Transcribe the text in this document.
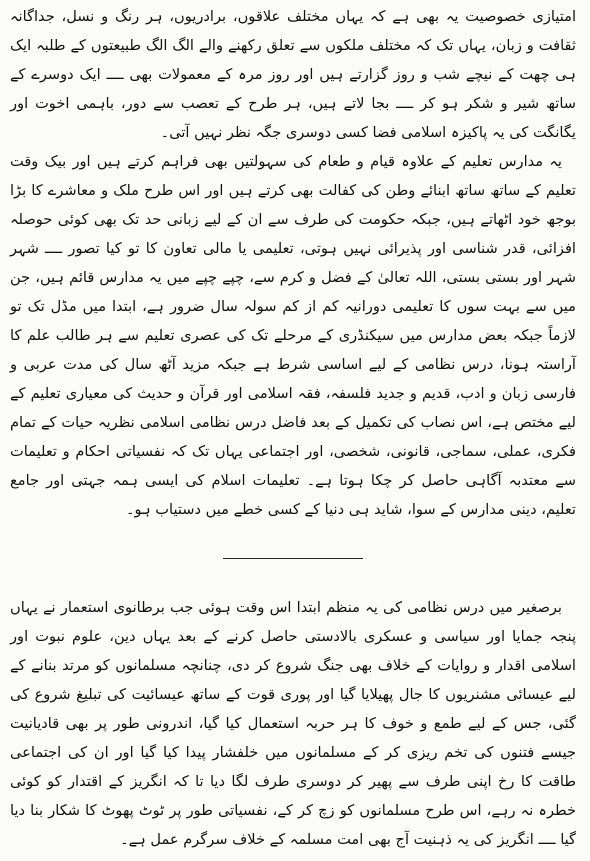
امتیازی خصوصیت یہ بھی ہے کہ یہاں مختلف علاقوں، برادریوں، ہر رنگ و نسل، جداگانہ ثقافت و زبان، یہاں تک کہ مختلف ملکوں سے تعلق رکھنے والے الگ الگ طبیعتوں کے طلبہ ایک ہی چھت کے نیچے شب و روز گزارتے ہیں اور روز مرہ کے معمولات بھی ــــ ایک دوسرے کے ساتھ شیر و شکر ہو کر ــــ بجا لاتے ہیں، ہر طرح کے تعصب سے دور، باہمی اخوت اور یگانگت کی یہ پاکیزہ اسلامی فضا کسی دوسری جگہ نظر نہیں آتی۔

یہ مدارس تعلیم کے علاوہ قیام و طعام کی سہولتیں بھی فراہم کرتے ہیں اور بیک وقت تعلیم کے ساتھ ساتھ ابنائے وطن کی کفالت بھی کرتے ہیں اور اس طرح ملک و معاشرے کا بڑا بوجھ خود اٹھاتے ہیں، جبکہ حکومت کی طرف سے ان کے لیے زبانی حد تک بھی کوئی حوصلہ افزائی، قدر شناسی اور پذیرائی نہیں ہوتی، تعلیمی یا مالی تعاون کا تو کیا تصور ــــ شہر شہر اور بستی بستی، اللہ تعالیٰ کے فضل و کرم سے، چپے چپے میں یہ مدارس قائم ہیں، جن میں سے بہت سوں کا تعلیمی دورانیہ کم از کم سولہ سال ضرور ہے، ابتدا میں مڈل تک تو لازماً جبکہ بعض مدارس میں سیکنڈری کے مرحلے تک کی عصری تعلیم سے ہر طالب علم کا آراستہ ہونا، درس نظامی کے لیے اساسی شرط ہے جبکہ مزید آٹھ سال کی مدت عربی و فارسی زبان و ادب، قدیم و جدید فلسفہ، فقہ اسلامی اور قرآن و حدیث کی معیاری تعلیم کے لیے مختص ہے، اس نصاب کی تکمیل کے بعد فاضل درس نظامی اسلامی نظریہ حیات کے تمام فکری، عملی، سماجی، قانونی، شخصی، اور اجتماعی یہاں تک کہ نفسیاتی احکام و تعلیمات سے معتدبہ آگاہی حاصل کر چکا ہوتا ہے۔ تعلیمات اسلام کی ایسی ہمہ جہتی اور جامع تعلیم، دینی مدارس کے سوا، شاید ہی دنیا کے کسی خطے میں دستیاب ہو۔

برصغیر میں درس نظامی کی یہ منظم ابتدا اس وقت ہوئی جب برطانوی استعمار نے یہاں پنجہ جمایا اور سیاسی و عسکری بالادستی حاصل کرنے کے بعد یہاں دین، علوم نبوت اور اسلامی اقدار و روایات کے خلاف بھی جنگ شروع کر دی، چنانچہ مسلمانوں کو مرتد بنانے کے لیے عیسائی مشنریوں کا جال پھیلایا گیا اور پوری قوت کے ساتھ عیسائیت کی تبلیغ شروع کی گئی، جس کے لیے طمع و خوف کا ہر حربہ استعمال کیا گیا، اندرونی طور پر بھی قادیانیت جیسے فتنوں کی تخم ریزی کر کے مسلمانوں میں خلفشار پیدا کیا گیا اور ان کی اجتماعی طاقت کا رخ اپنی طرف سے پھیر کر دوسری طرف لگا دیا تا کہ انگریز کے اقتدار کو کوئی خطرہ نہ رہے، اس طرح مسلمانوں کو زچ کر کے، نفسیاتی طور پر ٹوٹ پھوٹ کا شکار بنا دیا گیا ــــ انگریز کی یہ ذہنیت آج بھی امت مسلمہ کے خلاف سرگرم عمل ہے۔
